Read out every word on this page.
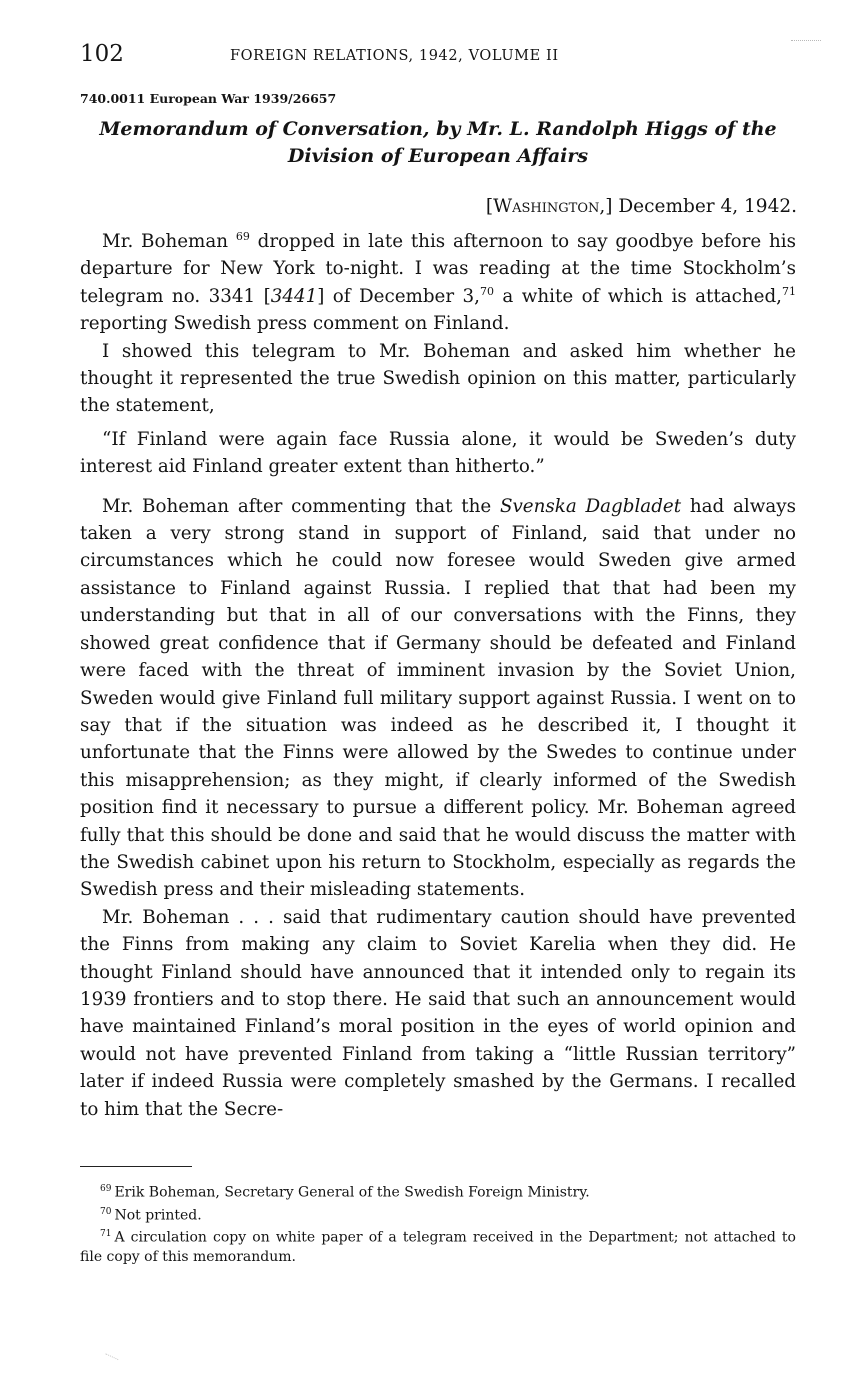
102	FOREIGN RELATIONS, 1942, VOLUME II
740.0011 European War 1939/26657
Memorandum of Conversation, by Mr. L. Randolph Higgs of the
Division of European Affairs
[Washington,] December 4, 1942.

Mr. Boheman $^{69}$ dropped in late this afternoon to say goodbye before his departure for New York to-night. I was reading at the time Stockholm’s telegram no. 3341 [3441] of December 3,70 a white of which is attached,$^{71}$ reporting Swedish press comment on Finland.

I showed this telegram to Mr. Boheman and asked him whether he thought it represented the true Swedish opinion on this matter, particularly the statement,

“If Finland were again face Russia alone, it would be Sweden’s duty interest aid Finland greater extent than hitherto.”

Mr. Boheman after commenting that the Svenska Dagbladet had always taken a very strong stand in support of Finland, said that under no circumstances which he could now foresee would Sweden give armed assistance to Finland against Russia. I replied that that had been my understanding but that in all of our conversations with the Finns, they showed great confidence that if Germany should be defeated and Finland were faced with the threat of imminent invasion by the Soviet Union, Sweden would give Finland full military support against Russia. I went on to say that if the situation was indeed as he described it, I thought it unfortunate that the Finns were allowed by the Swedes to continue under this misapprehension; as they might, if clearly informed of the Swedish position find it necessary to pursue a different policy. Mr. Boheman agreed fully that this should be done and said that he would discuss the matter with the Swedish cabinet upon his return to Stockholm, especially as regards the Swedish press and their misleading statements.

Mr. Boheman . . . said that rudimentary caution should have prevented the Finns from making any claim to Soviet Karelia when they did. He thought Finland should have announced that it intended only to regain its 1939 frontiers and to stop there. He said that such an announcement would have maintained Finland’s moral position in the eyes of world opinion and would not have prevented Finland from taking a “little Russian territory” later if indeed Russia were completely smashed by the Germans. I recalled to him that the Secre-

$^{69}$ Erik Boheman, Secretary General of the Swedish Foreign Ministry.

$^{70}$ Not printed.

$^{71}$ A circulation copy on white paper of a telegram received in the Department; not attached to file copy of this memorandum.
